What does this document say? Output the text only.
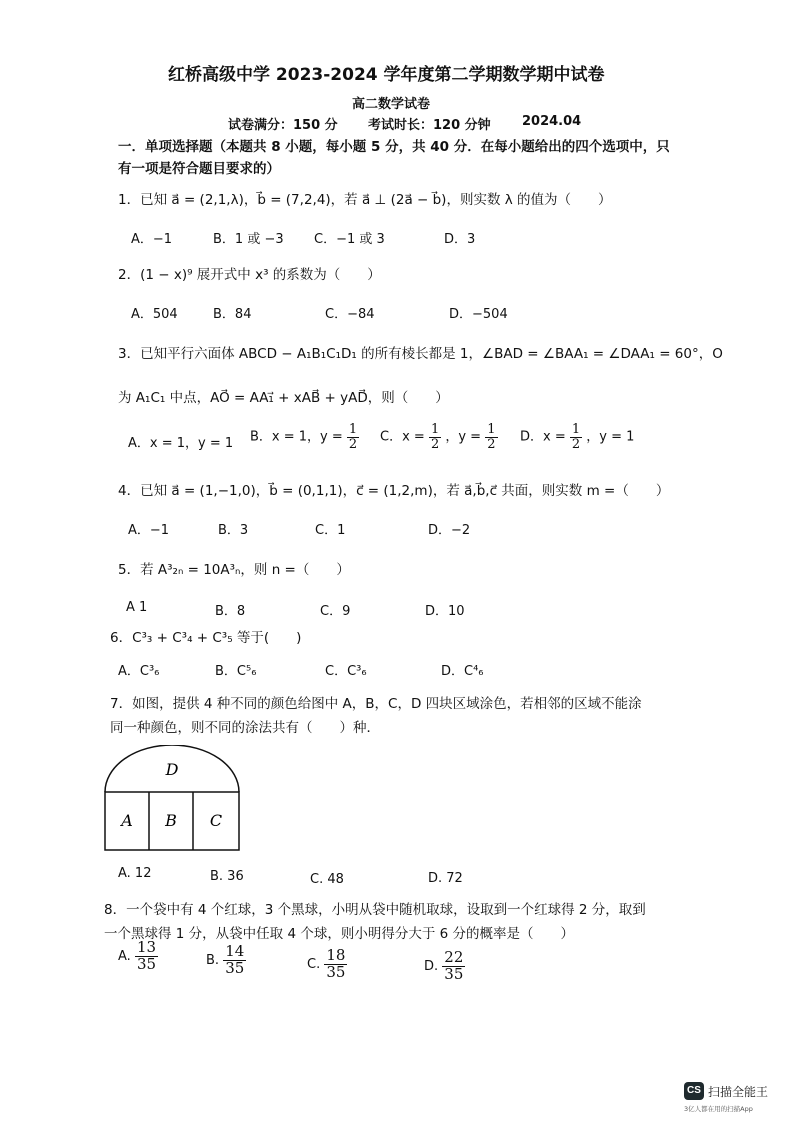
红桥高级中学 2023-2024 学年度第二学期数学期中试卷
高二数学试卷
试卷满分：150 分 考试时长：120 分钟 2024.04
一．单项选择题（本题共 8 小题，每小题 5 分，共 40 分．在每小题给出的四个选项中，只
有一项是符合题目要求的）
1．已知 a⃗ = (2,1,λ)，b⃗ = (7,2,4)，若 a⃗ ⊥ (2a⃗ − b⃗)，则实数 λ 的值为（　　）
A．−1	B．1 或 −3 C．−1 或 3	D．3
2．(1 − x)⁹ 展开式中 x³ 的系数为（　　）
A．504	B．84	C．−84	D．−504
3．已知平行六面体 ABCD − A₁B₁C₁D₁ 的所有棱长都是 1，∠BAD = ∠BAA₁ = ∠DAA₁ = 60°，O
为 A₁C₁ 中点，AO⃗ = AA₁⃗ + xAB⃗ + yAD⃗，则（　　）
A．x = 1，y = 1 B．x = 1，$y = \frac{1}{2}$ C．$x = \frac{1}{2}$ ，$y = \frac{1}{2}$ D．$x = \frac{1}{2}$ ，y = 1
4．已知 a⃗ = (1,−1,0)，b⃗ = (0,1,1)，c⃗ = (1,2,m)，若 a⃗,b⃗,c⃗ 共面，则实数 m =（　　）
A．−1	B．3	C．1	D．−2
5．若 A³₂ₙ = 10A³ₙ，则 n =（　　）
A 1	B．8	C．9	D．10
6．C³₃ + C³₄ + C³₅ 等于(　　)
A．C³₆	B．C⁵₆	C．C³₆	D．C⁴₆
7．如图，提供 4 种不同的颜色给图中 A，B，C，D 四块区域涂色，若相邻的区域不能涂
同一种颜色，则不同的涂法共有（　　）种．
D
A B C
A. 12	B. 36	C. 48	D. 72
8．一个袋中有 4 个红球，3 个黑球，小明从袋中随机取球，设取到一个红球得 2 分，取到
一个黑球得 1 分，从袋中任取 4 个球，则小明得分大于 6 分的概率是（　　）
A. $\frac{13}{35}$	B. $\frac{14}{35}$	C. $\frac{18}{35}$	D. $\frac{22}{35}$
CS 扫描全能王
3亿人都在用的扫描App
